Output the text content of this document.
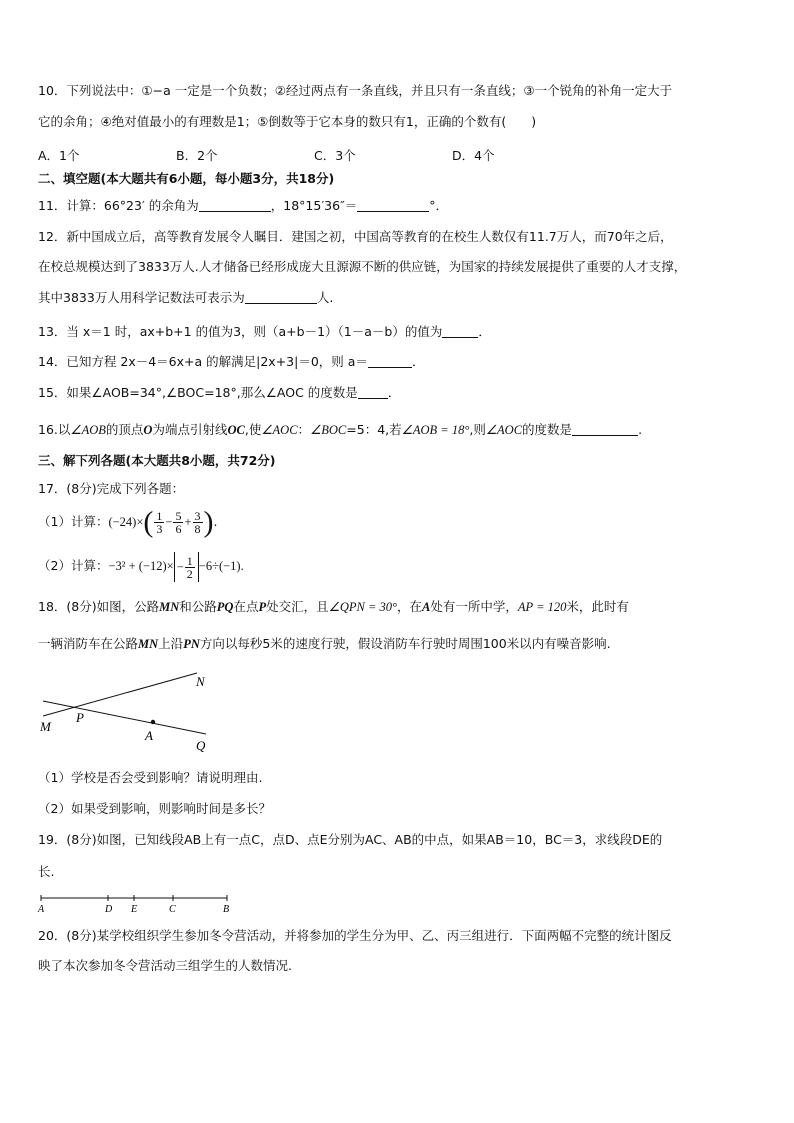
10．下列说法中：①−a 一定是一个负数；②经过两点有一条直线，并且只有一条直线；③一个锐角的补角一定大于
它的余角；④绝对值最小的有理数是1；⑤倒数等于它本身的数只有1，正确的个数有(　　)
A．1个	B．2个	C．3个	D．4个
二、填空题(本大题共有6小题，每小题3分，共18分)
11．计算：66°23′ 的余角为	，18°15′36″＝	°．
12．新中国成立后，高等教育发展令人瞩目．建国之初，中国高等教育的在校生人数仅有11.7万人，而70年之后，
在校总规模达到了3833万人.人才储备已经形成庞大且源源不断的供应链，为国家的持续发展提供了重要的人才支撑，
其中3833万人用科学记数法可表示为	人.
13．当 x＝1 时，ax+b+1 的值为3，则（a+b－1）（1－a－b）的值为	．
14．已知方程 2x－4＝6x+a 的解满足|2x+3|＝0，则 a＝	．
15．如果∠AOB=34°,∠BOC=18°,那么∠AOC 的度数是 ．
16.以∠AOB的顶点O为端点引射线OC,使∠AOC：∠BOC=5：4,若∠AOB = 18°,则∠AOC的度数是	.
三、解下列各题(本大题共8小题，共72分)
17．(8分)完成下列各题：
（1）计算：$(-24)\times( \frac{1}{3} - \frac{5}{6} + \frac{3}{8}$ ).
（2）计算：$-3^2 + (-12)\times - \frac{1}{2} -6\div(-1)$.
18．(8分)如图，公路MN和公路PQ在点P处交汇，且∠QPN = 30°，在A处有一所中学，AP = 120米，此时有
一辆消防车在公路MN上沿PN方向以每秒5米的速度行驶，假设消防车行驶时周围100米以内有噪音影响.
N
M
P
A
Q
（1）学校是否会受到影响？请说明理由.
（2）如果受到影响，则影响时间是多长？
19．(8分)如图，已知线段AB上有一点C，点D、点E分别为AC、AB的中点，如果AB＝10，BC＝3，求线段DE的
长.
A	D E	C	B
20．(8分)某学校组织学生参加冬令营活动，并将参加的学生分为甲、乙、丙三组进行．下面两幅不完整的统计图反
映了本次参加冬令营活动三组学生的人数情况.
